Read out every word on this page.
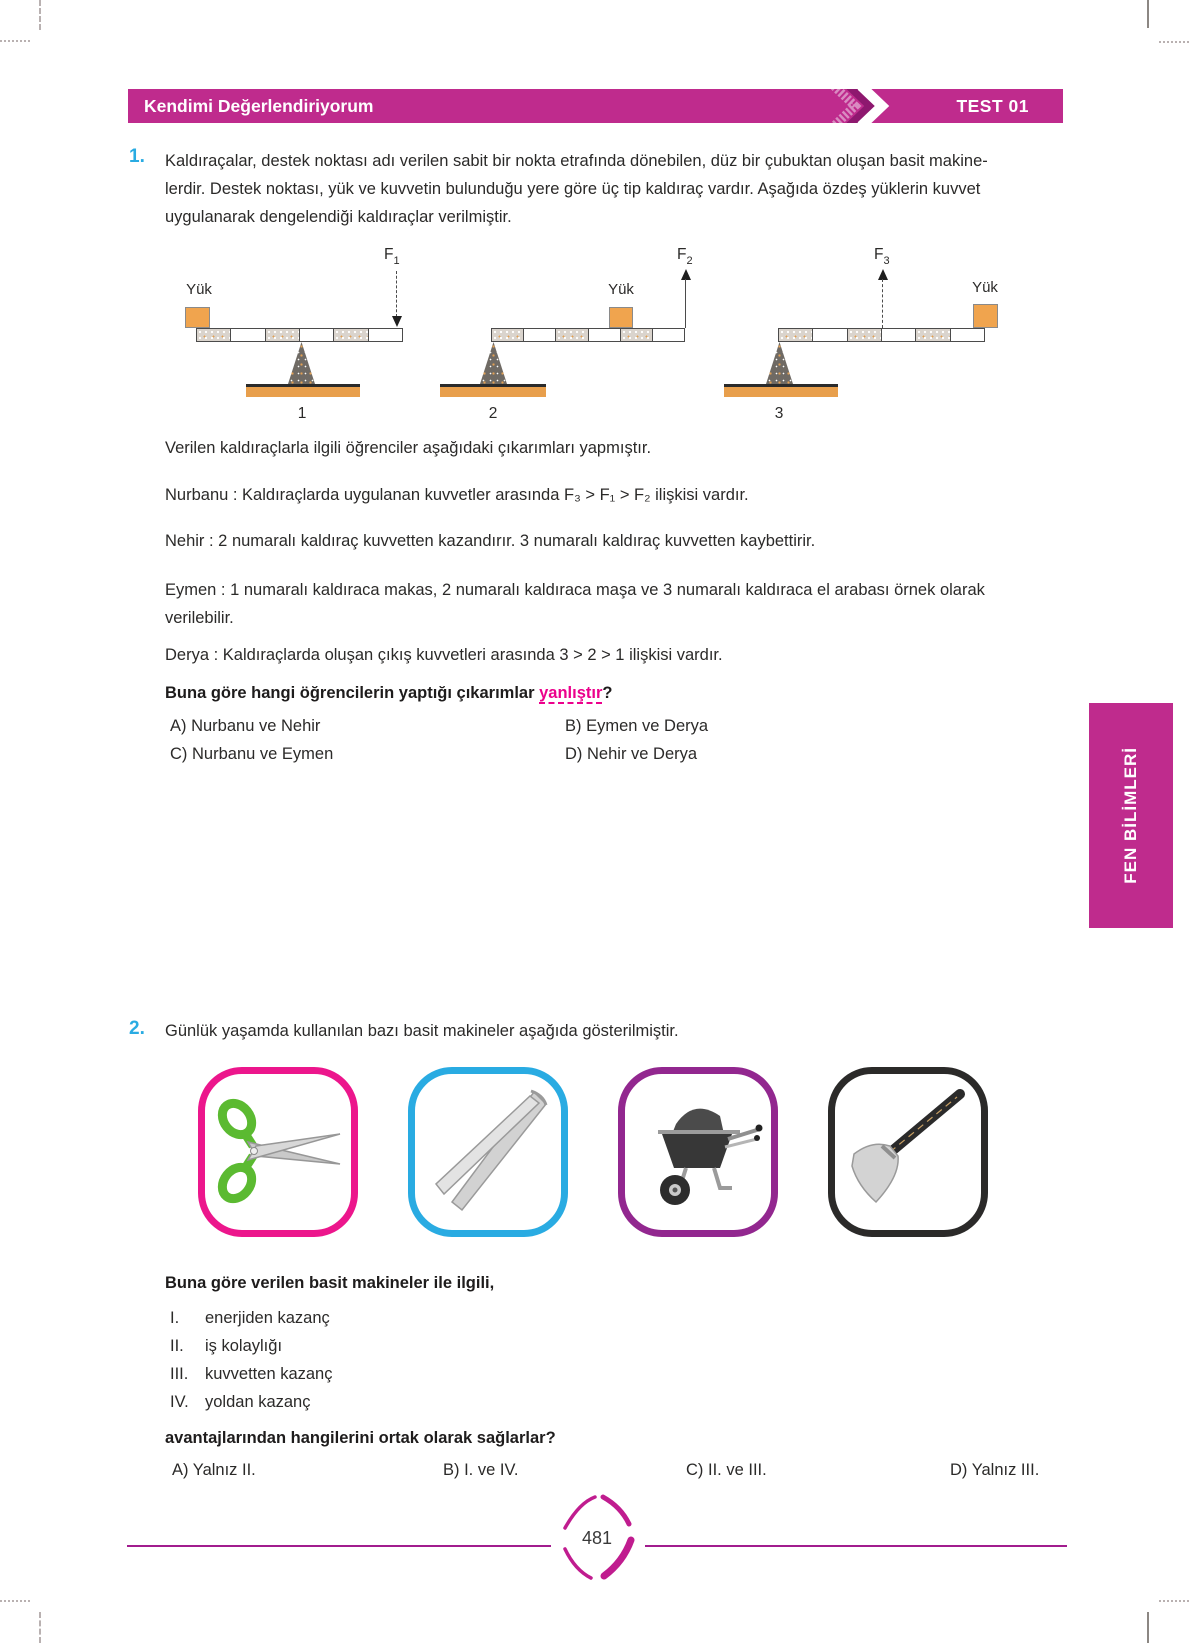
Kendimi Değerlendiriyorum	TEST 01
1. Kaldıraçalar, destek noktası adı verilen sabit bir nokta etrafında dönebilen, düz bir çubuktan oluşan basit makine-
lerdir. Destek noktası, yük ve kuvvetin bulunduğu yere göre üç tip kaldıraç vardır. Aşağıda özdeş yüklerin kuvvet
uygulanarak dengelendiği kaldıraçlar verilmiştir.
Yük
$F_1$
1
Yük
$F_2$
2
Yük
$F_3$
3
Verilen kaldıraçlarla ilgili öğrenciler aşağıdaki çıkarımları yapmıştır.
Nurbanu : Kaldıraçlarda uygulanan kuvvetler arasında F₃ > F₁ > F₂ ilişkisi vardır.
Nehir : 2 numaralı kaldıraç kuvvetten kazandırır. 3 numaralı kaldıraç kuvvetten kaybettirir.
Eymen : 1 numaralı kaldıraca makas, 2 numaralı kaldıraca maşa ve 3 numaralı kaldıraca el arabası örnek olarak verilebilir.
Derya : Kaldıraçlarda oluşan çıkış kuvvetleri arasında 3 > 2 > 1 ilişkisi vardır.
Buna göre hangi öğrencilerin yaptığı çıkarımlar yanlıştır?
A) Nurbanu ve Nehir	B) Eymen ve Derya
C) Nurbanu ve Eymen	D) Nehir ve Derya	FEN BİLİMLERİ
2. Günlük yaşamda kullanılan bazı basit makineler aşağıda gösterilmiştir.
Buna göre verilen basit makineler ile ilgili,
I. enerjiden kazanç
II. iş kolaylığı
III. kuvvetten kazanç
IV. yoldan kazanç
avantajlarından hangilerini ortak olarak sağlarlar?
A) Yalnız II.	B) I. ve IV.	C) II. ve III.	D) Yalnız III.
481
